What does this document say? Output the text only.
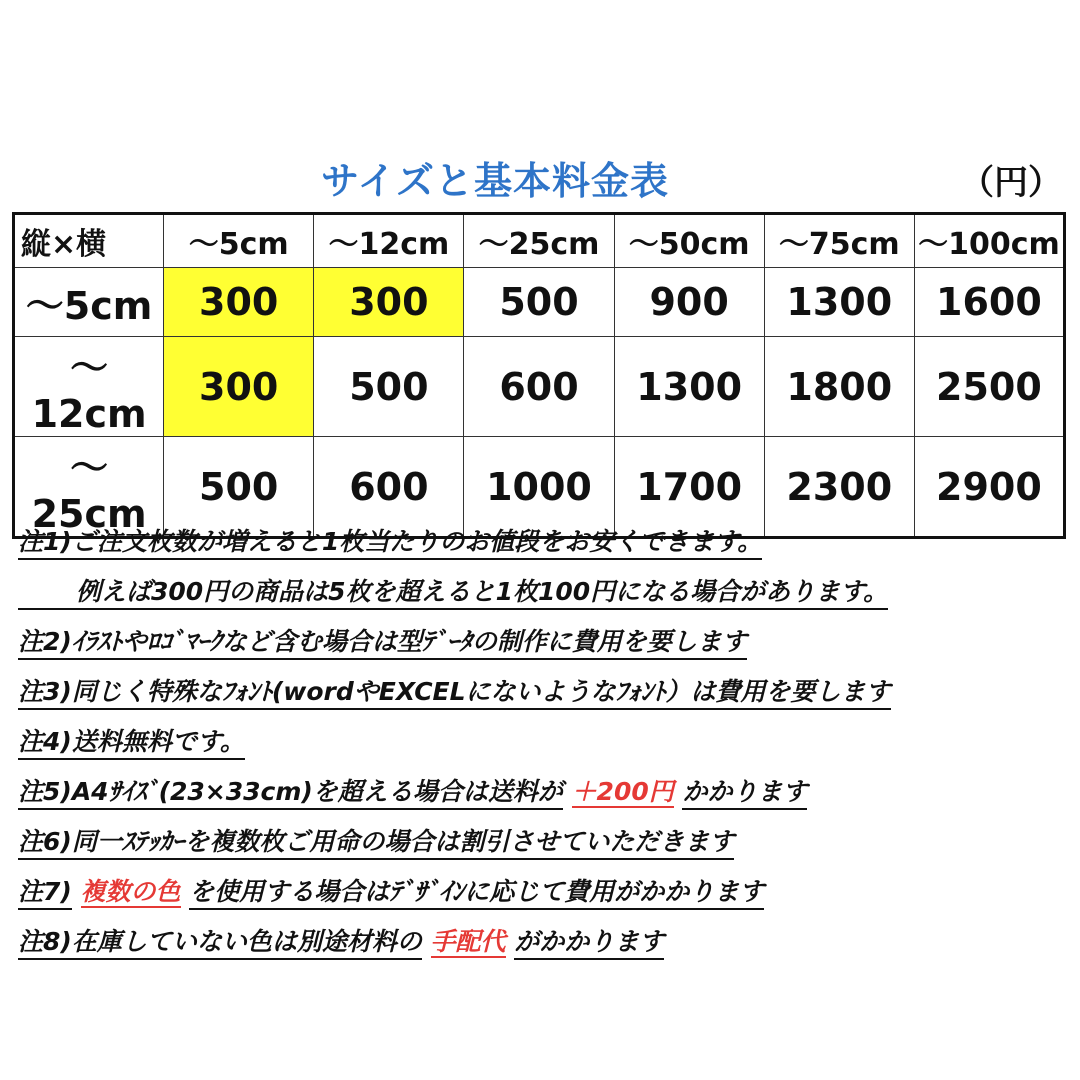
サイズと基本料金表	（円）
縦×横	～5cm	～12cm	～25cm	～50cm	～75cm	～100cm
～5cm	300	300	500	900	1300	1600
～12cm	300	500	600	1300	1800	2500
～25cm	500	600	1000	1700	2300	2900
注1)ご注文枚数が増えると1枚当たりのお値段をお安くできます。
例えば300円の商品は5枚を超えると1枚100円になる場合があります。
注2)ｲﾗｽﾄやﾛｺﾞﾏｰｸなど含む場合は型ﾃﾞｰﾀの制作に費用を要します
注3)同じく特殊なﾌｫﾝﾄ(wordやEXCELにないようなﾌｫﾝﾄ）は費用を要します
注4)送料無料です。
注5)A4ｻｲｽﾞ(23×33cm)を超える場合は送料が ＋200円 かかります
注6)同一ｽﾃｯｶｰを複数枚ご用命の場合は割引させていただきます
注7) 複数の色 を使用する場合はﾃﾞｻﾞｲﾝに応じて費用がかかります
注8)在庫していない色は別途材料の 手配代 がかかります
